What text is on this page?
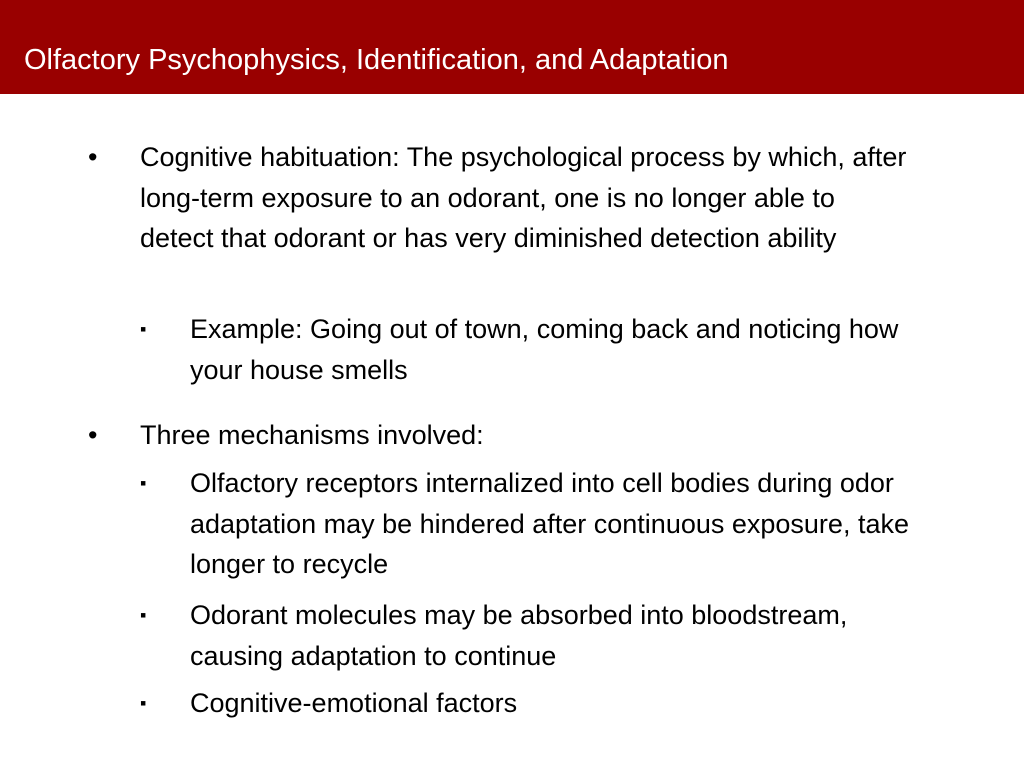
Olfactory Psychophysics, Identification, and Adaptation
•	Cognitive habituation: The psychological process by which, after long-term exposure to an odorant, one is no longer able to detect that odorant or has very diminished detection ability
▪	Example: Going out of town, coming back and noticing how your house smells
•	Three mechanisms involved:
▪	Olfactory receptors internalized into cell bodies during odor adaptation may be hindered after continuous exposure, take longer to recycle
▪	Odorant molecules may be absorbed into bloodstream, causing adaptation to continue
▪	Cognitive-emotional factors
